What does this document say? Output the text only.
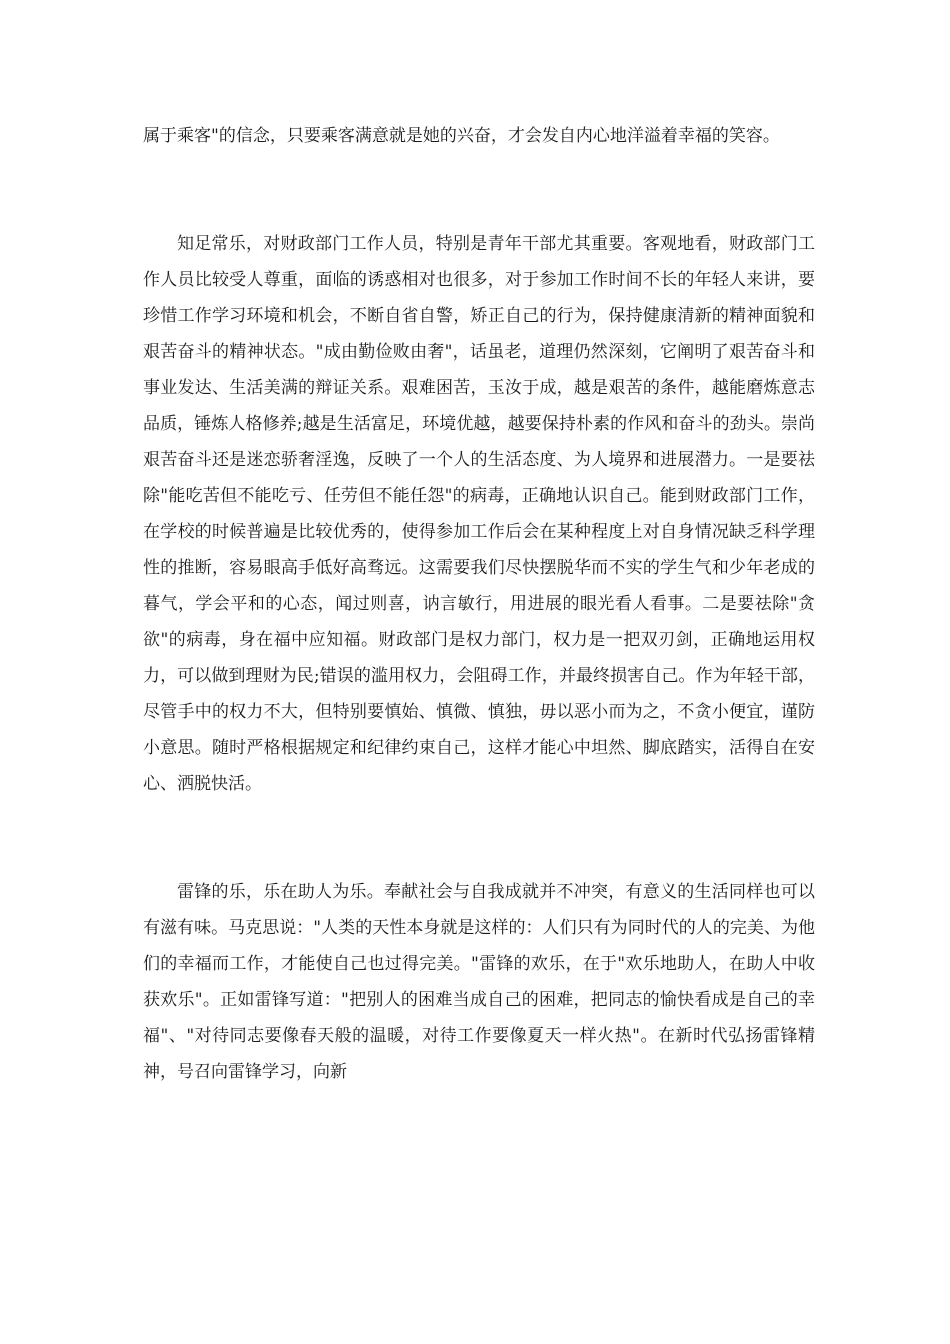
属于乘客"的信念，只要乘客满意就是她的兴奋，才会发自内心地洋溢着幸福的笑容。

知足常乐，对财政部门工作人员，特别是青年干部尤其重要。客观地看，财政部门工作人员比较受人尊重，面临的诱惑相对也很多，对于参加工作时间不长的年轻人来讲，要珍惜工作学习环境和机会，不断自省自警，矫正自己的行为，保持健康清新的精神面貌和艰苦奋斗的精神状态。"成由勤俭败由奢"，话虽老，道理仍然深刻，它阐明了艰苦奋斗和事业发达、生活美满的辩证关系。艰难困苦，玉汝于成，越是艰苦的条件，越能磨炼意志品质，锤炼人格修养;越是生活富足，环境优越，越要保持朴素的作风和奋斗的劲头。崇尚艰苦奋斗还是迷恋骄奢淫逸，反映了一个人的生活态度、为人境界和进展潜力。一是要祛除"能吃苦但不能吃亏、任劳但不能任怨"的病毒，正确地认识自己。能到财政部门工作，在学校的时候普遍是比较优秀的，使得参加工作后会在某种程度上对自身情况缺乏科学理性的推断，容易眼高手低好高骛远。这需要我们尽快摆脱华而不实的学生气和少年老成的暮气，学会平和的心态，闻过则喜，讷言敏行，用进展的眼光看人看事。二是要祛除"贪欲"的病毒，身在福中应知福。财政部门是权力部门，权力是一把双刃剑，正确地运用权力，可以做到理财为民;错误的滥用权力，会阻碍工作，并最终损害自己。作为年轻干部，尽管手中的权力不大，但特别要慎始、慎微、慎独，毋以恶小而为之，不贪小便宜，谨防小意思。随时严格根据规定和纪律约束自己，这样才能心中坦然、脚底踏实，活得自在安心、洒脱快活。

雷锋的乐，乐在助人为乐。奉献社会与自我成就并不冲突，有意义的生活同样也可以有滋有味。马克思说："人类的天性本身就是这样的：人们只有为同时代的人的完美、为他们的幸福而工作，才能使自己也过得完美。"雷锋的欢乐，在于"欢乐地助人，在助人中收获欢乐"。正如雷锋写道："把别人的困难当成自己的困难，把同志的愉快看成是自己的幸福"、"对待同志要像春天般的温暖，对待工作要像夏天一样火热"。在新时代弘扬雷锋精神，号召向雷锋学习，向新
